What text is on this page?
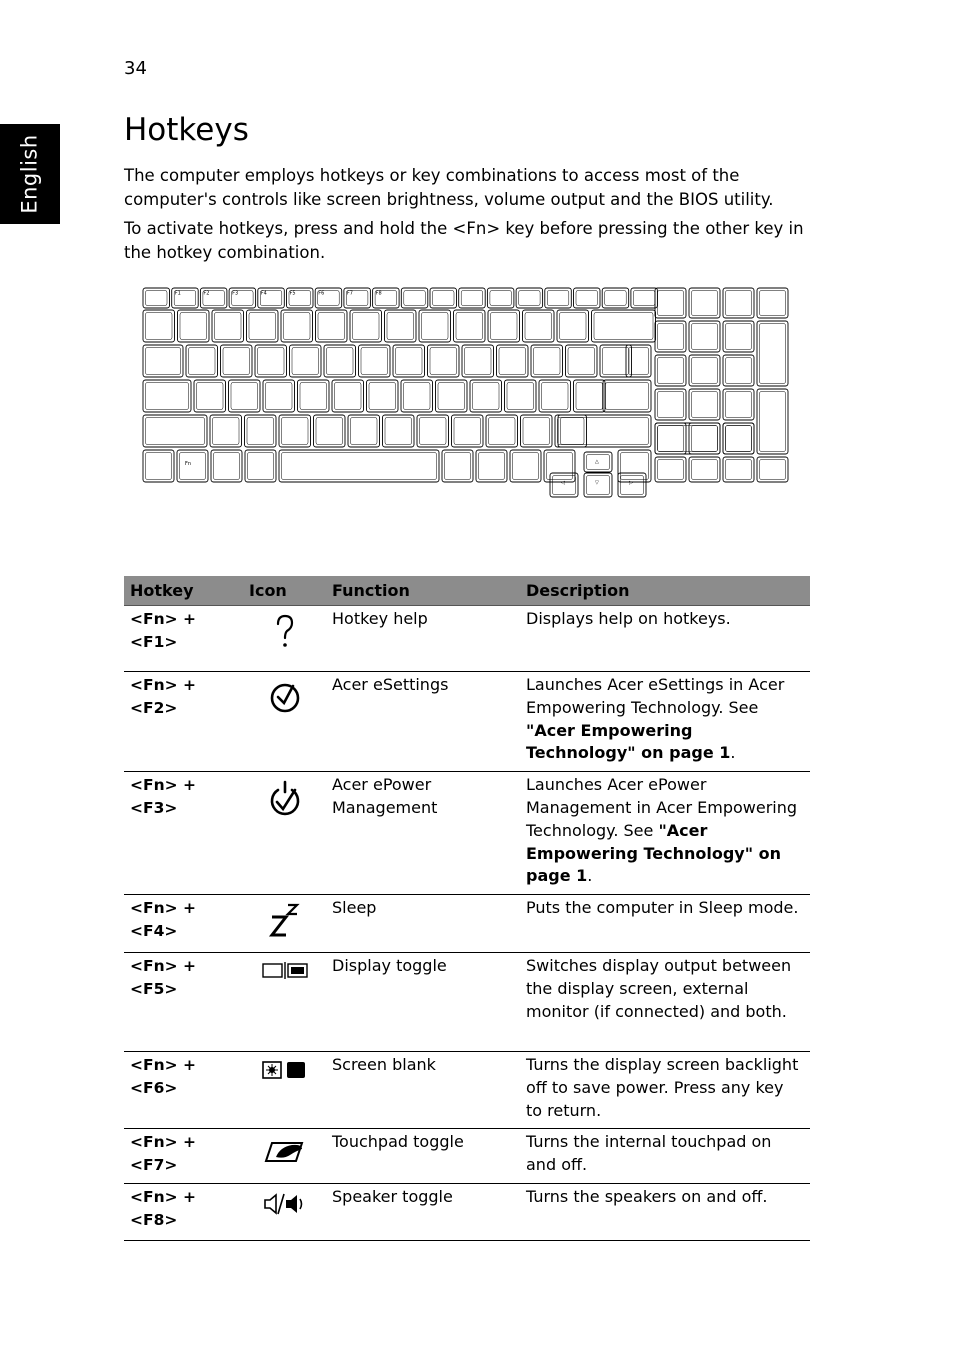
34
English
Hotkeys

The computer employs hotkeys or key combinations to access most of the computer's controls like screen brightness, volume output and the BIOS utility.

To activate hotkeys, press and hold the <Fn> key before pressing the other key in the hotkey combination.

F1	F2	F3	F4	F5	F6	F7	F8
Fn	△
◁	▽	▷
Hotkey	Icon	Function	Description
<Fn> + <F1>		Hotkey help	Displays help on hotkeys.
<Fn> + <F2>		Acer eSettings	Launches Acer eSettings in Acer Empowering Technology. See "Acer Empowering Technology" on page 1.
<Fn> + <F3>		Acer ePower Management	Launches Acer ePower Management in Acer Empowering Technology. See "Acer Empowering Technology" on page 1.
<Fn> + <F4>		Sleep	Puts the computer in Sleep mode.
<Fn> + <F5>		Display toggle	Switches display output between the display screen, external monitor (if connected) and both.
<Fn> + <F6>		Screen blank	Turns the display screen backlight off to save power. Press any key to return.
<Fn> + <F7>		Touchpad toggle	Turns the internal touchpad on and off.
<Fn> + <F8>		Speaker toggle	Turns the speakers on and off.
